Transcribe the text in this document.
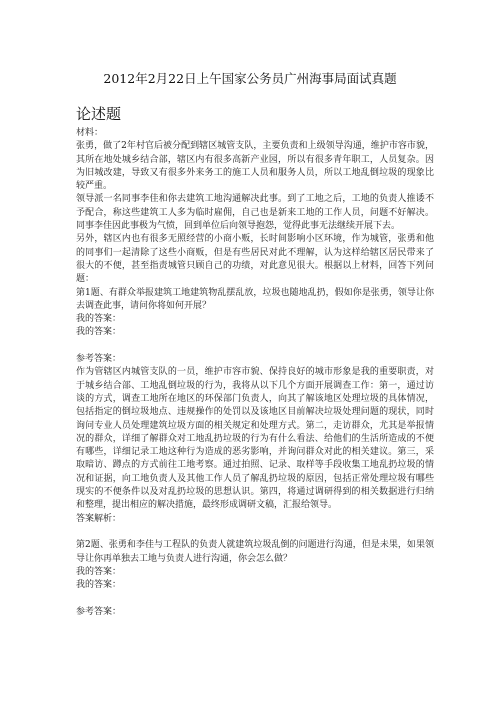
2012年2月22日上午国家公务员广州海事局面试真题
论述题

材料：

张勇，做了2年村官后被分配到辖区城管支队，主要负责和上级领导沟通，维护市容市貌，其所在地处城乡结合部，辖区内有很多高新产业园，所以有很多青年职工，人员复杂。因为旧城改建，导致又有很多外来务工的施工人员和服务人员，所以工地乱倒垃圾的现象比较严重。

领导派一名同事李佳和你去建筑工地沟通解决此事。到了工地之后，工地的负责人推诿不予配合，称这些建筑工人多为临时雇佣，自己也是新来工地的工作人员，问题不好解决。同事李佳因此事极为气愤，回到单位后向领导抱怨，觉得此事无法继续开展下去。

另外，辖区内也有很多无照经营的小商小贩，长时间影响小区环境，作为城管，张勇和他的同事们一起清除了这些小商贩，但是有些居民对此不理解，认为这样给辖区居民带来了很大的不便，甚至指责城管只顾自己的功绩，对此意见很大。根据以上材料，回答下列问题：

第1题、有群众举报建筑工地建筑物乱摆乱放，垃圾也随地乱扔，假如你是张勇，领导让你去调查此事，请问你将如何开展？

我的答案：

我的答案：

参考答案：

作为管辖区内城管支队的一员，维护市容市貌、保持良好的城市形象是我的重要职责，对于城乡结合部、工地乱倒垃圾的行为，我将从以下几个方面开展调查工作：第一，通过访谈的方式，调查工地所在地区的环保部门负责人，向其了解该地区处理垃圾的具体情况，包括指定的倒垃圾地点、违规操作的处罚以及该地区目前解决垃圾处理问题的现状，同时询问专业人员处理建筑垃圾方面的相关规定和处理方式。第二，走访群众，尤其是举报情况的群众，详细了解群众对工地乱扔垃圾的行为有什么看法、给他们的生活所造成的不便有哪些，详细记录工地这种行为造成的恶劣影响，并询问群众对此的相关建议。第三，采取暗访、蹲点的方式前往工地考察。通过拍照、记录、取样等手段收集工地乱扔垃圾的情况和证据，向工地负责人及其他工作人员了解乱扔垃圾的原因，包括正常处理垃圾有哪些现实的不便条件以及对乱扔垃圾的思想认识。第四，将通过调研得到的相关数据进行归纳和整理，提出相应的解决措施，最终形成调研文稿，汇报给领导。

答案解析：

第2题、张勇和李佳与工程队的负责人就建筑垃圾乱倒的问题进行沟通，但是未果，如果领导让你再单独去工地与负责人进行沟通，你会怎么做？

我的答案：

我的答案：

参考答案：
